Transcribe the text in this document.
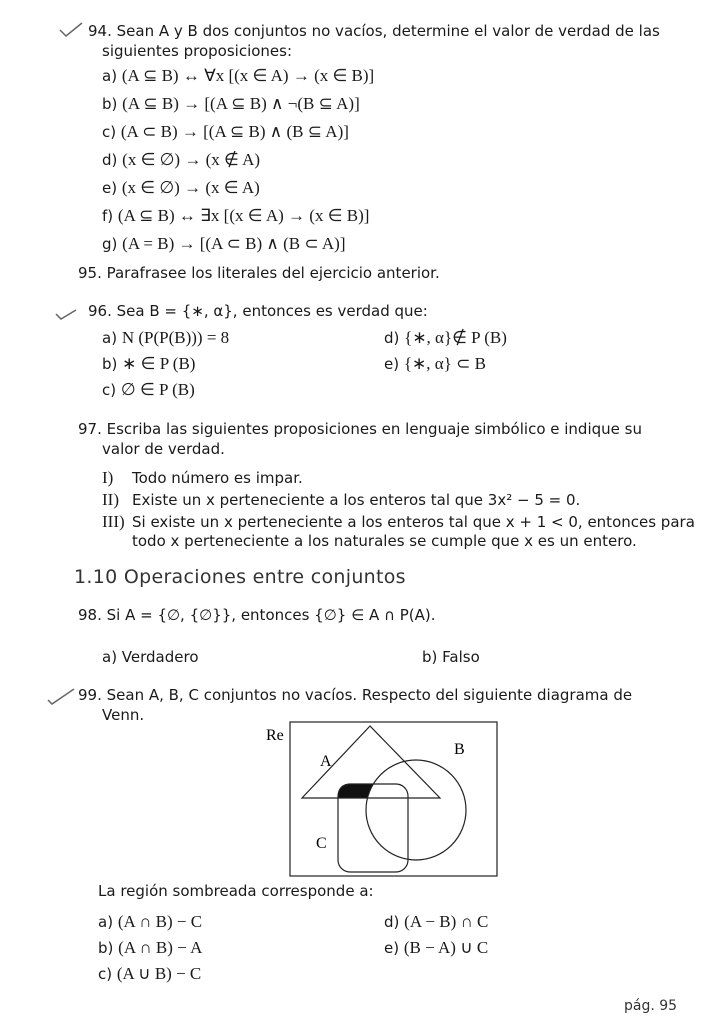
94. Sean A y B dos conjuntos no vacíos, determine el valor de verdad de las
siguientes proposiciones:
a) (A ⊆ B) ↔ ∀x [(x ∈ A) → (x ∈ B)]
b) (A ⊆ B) → [(A ⊆ B) ∧ ¬(B ⊆ A)]
c) (A ⊂ B) → [(A ⊆ B) ∧ (B ⊆ A)]
d) (x ∈ ∅) → (x ∉ A)
e) (x ∈ ∅) → (x ∈ A)
f) (A ⊆ B) ↔ ∃x [(x ∈ A) → (x ∈ B)]
g) (A = B) → [(A ⊂ B) ∧ (B ⊂ A)]
95. Parafrasee los literales del ejercicio anterior.
96. Sea B = {∗, α}, entonces es verdad que:
a) N (P(P(B))) = 8
b) ∗ ∈ P (B)
c) ∅ ∈ P (B)
d) {∗, α}∉ P (B)
e) {∗, α} ⊂ B
97. Escriba las siguientes proposiciones en lenguaje simbólico e indique su
valor de verdad.
I) Todo número es impar.
II) Existe un x perteneciente a los enteros tal que 3x² − 5 = 0.
III) Si existe un x perteneciente a los enteros tal que x + 1 < 0, entonces para
todo x perteneciente a los naturales se cumple que x es un entero.
1.10 Operaciones entre conjuntos
98. Si A = {∅, {∅}}, entonces {∅} ∈ A ∩ P(A).
a) Verdadero	b) Falso
99. Sean A, B, C conjuntos no vacíos. Respecto del siguiente diagrama de
Venn.
Re
A
B
C
La región sombreada corresponde a:
a) (A ∩ B) − C
b) (A ∩ B) − A
c) (A ∪ B) − C
d) (A − B) ∩ C
e) (B − A) ∪ C
pág. 95
